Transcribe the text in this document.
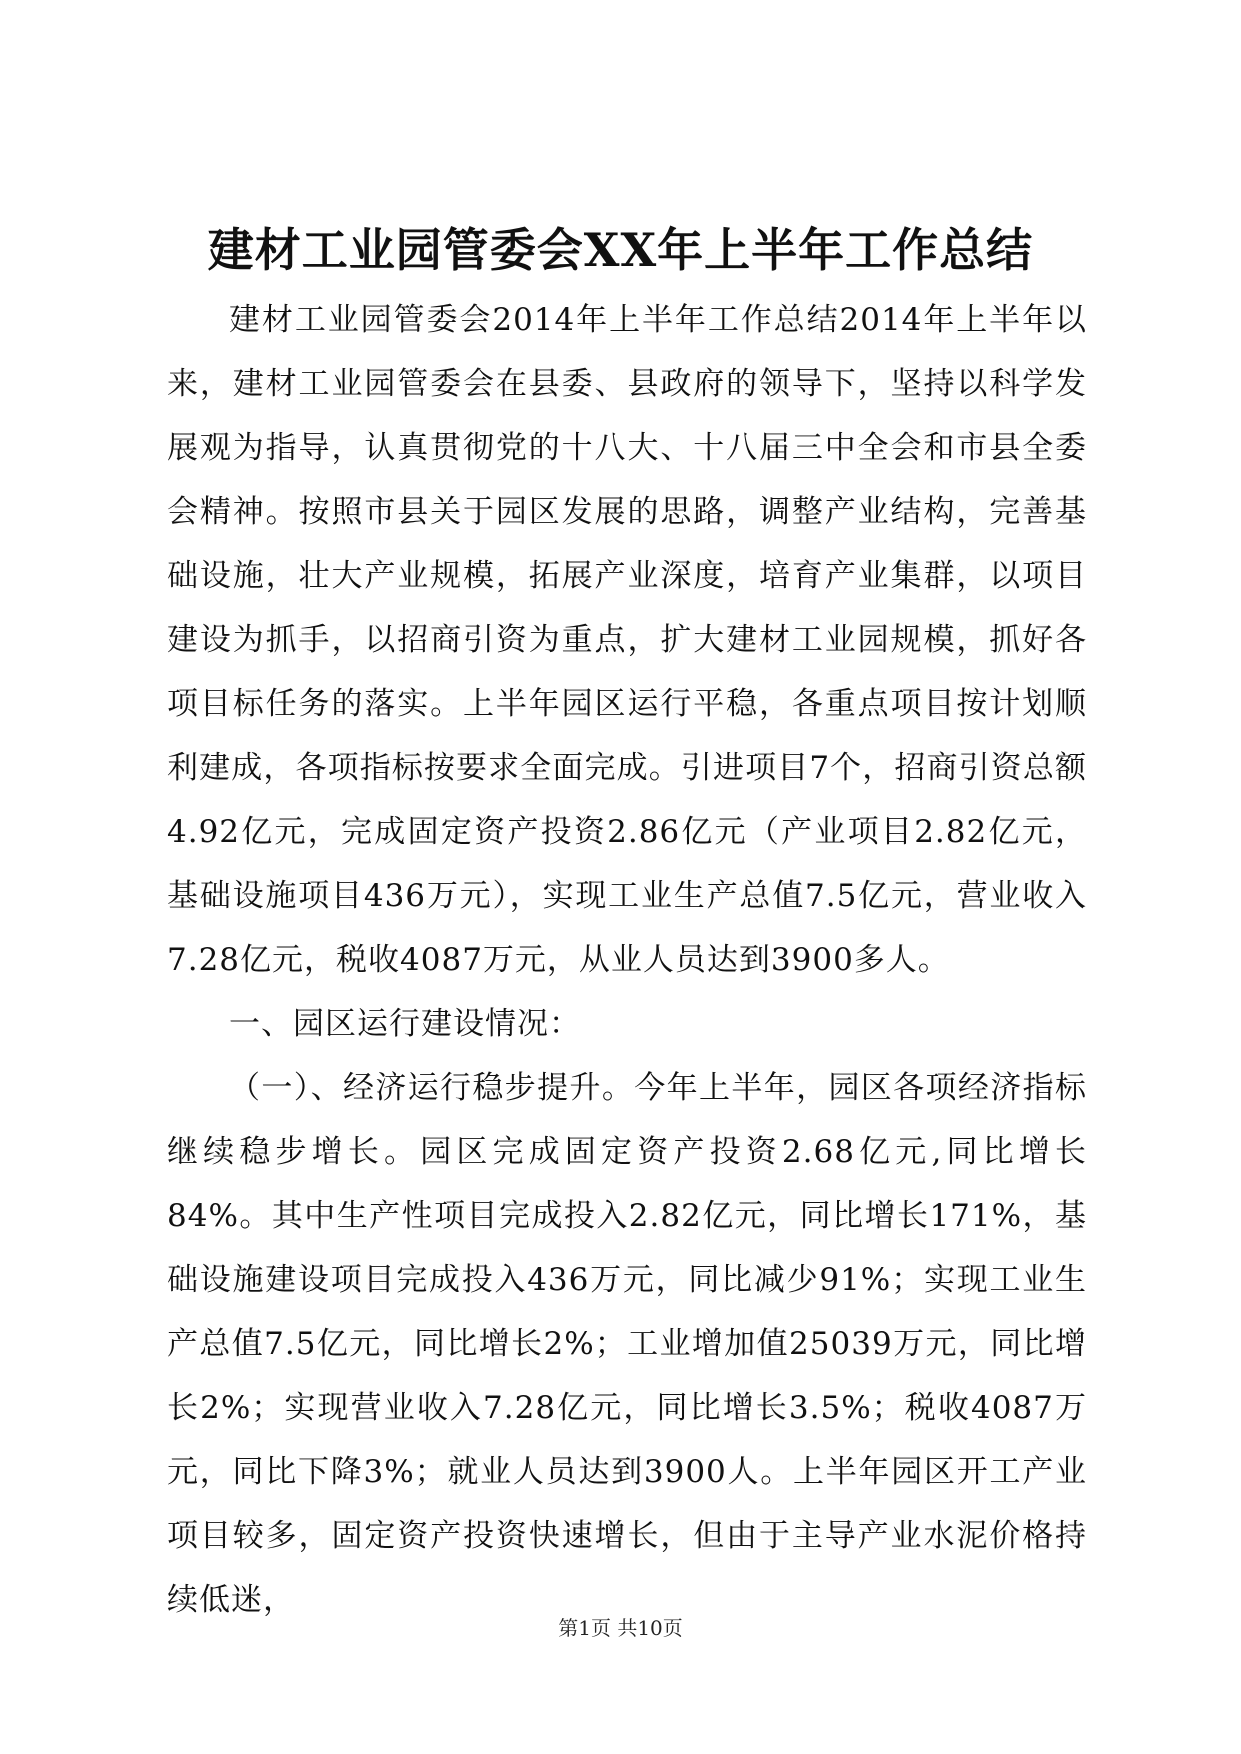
建材工业园管委会XX年上半年工作总结

建材工业园管委会2014年上半年工作总结2014年上半年以来，建材工业园管委会在县委、县政府的领导下，坚持以科学发展观为指导，认真贯彻党的十八大、十八届三中全会和市县全委会精神。按照市县关于园区发展的思路，调整产业结构，完善基础设施，壮大产业规模，拓展产业深度，培育产业集群，以项目建设为抓手，以招商引资为重点，扩大建材工业园规模，抓好各项目标任务的落实。上半年园区运行平稳，各重点项目按计划顺利建成，各项指标按要求全面完成。引进项目7个，招商引资总额4.92亿元，完成固定资产投资2.86亿元（产业项目2.82亿元，基础设施项目436万元），实现工业生产总值7.5亿元，营业收入7.28亿元，税收4087万元，从业人员达到3900多人。

一、园区运行建设情况：

（一）、经济运行稳步提升。今年上半年，园区各项经济指标继续稳步增长。园区完成固定资产投资2.68亿元,同比增长84%。其中生产性项目完成投入2.82亿元，同比增长171%，基础设施建设项目完成投入436万元，同比减少91%；实现工业生产总值7.5亿元，同比增长2%；工业增加值25039万元，同比增长2%；实现营业收入7.28亿元，同比增长3.5%；税收4087万元，同比下降3%；就业人员达到3900人。上半年园区开工产业项目较多，固定资产投资快速增长，但由于主导产业水泥价格持续低迷，

第1页 共10页
